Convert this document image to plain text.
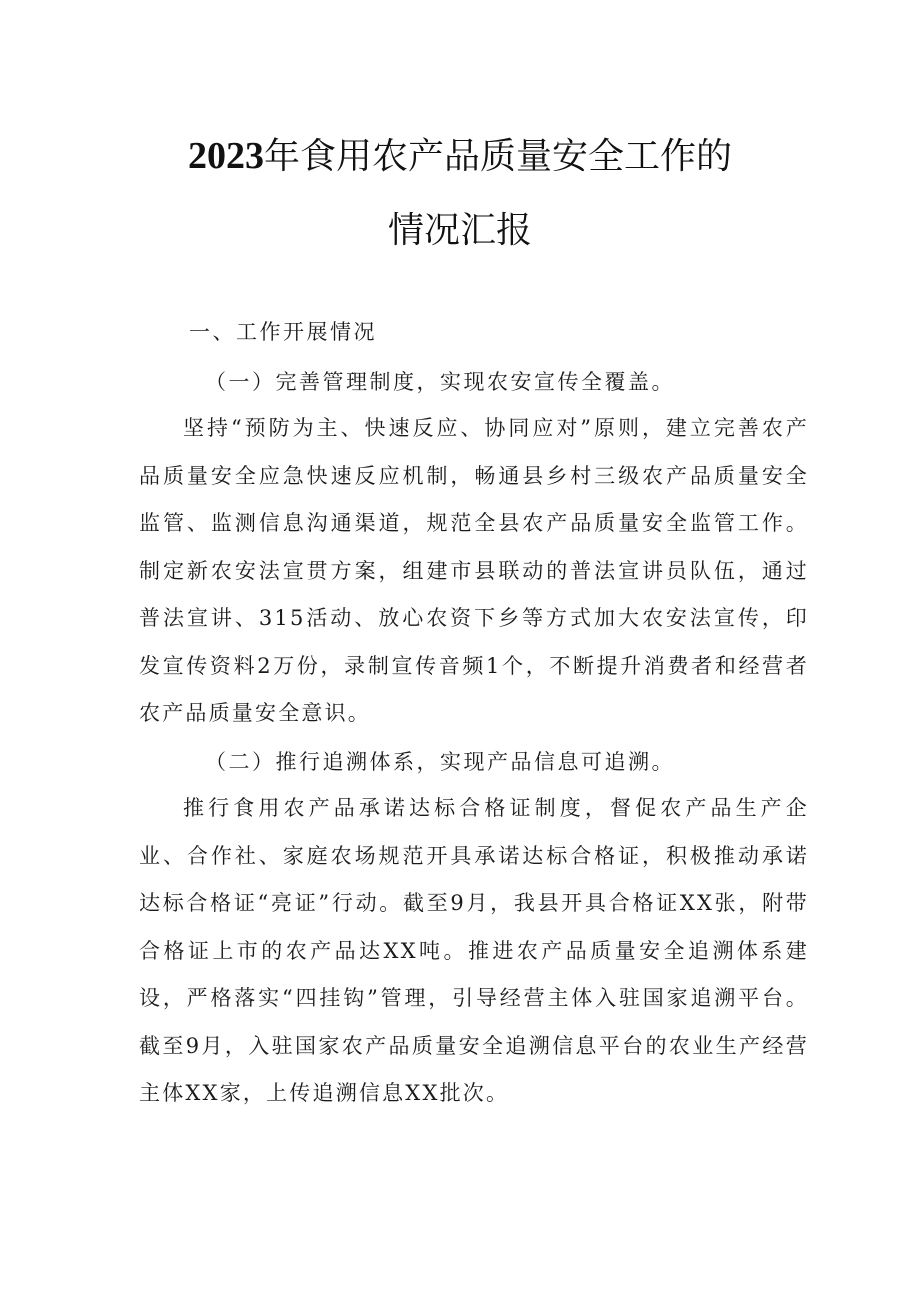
2023年食用农产品质量安全工作的
情况汇报
一、工作开展情况
（一）完善管理制度，实现农安宣传全覆盖。

坚持“预防为主、快速反应、协同应对”原则，建立完善农产品质量安全应急快速反应机制，畅通县乡村三级农产品质量安全监管、监测信息沟通渠道，规范全县农产品质量安全监管工作。制定新农安法宣贯方案，组建市县联动的普法宣讲员队伍，通过普法宣讲、315活动、放心农资下乡等方式加大农安法宣传，印发宣传资料2万份，录制宣传音频1个，不断提升消费者和经营者农产品质量安全意识。

（二）推行追溯体系，实现产品信息可追溯。

推行食用农产品承诺达标合格证制度，督促农产品生产企业、合作社、家庭农场规范开具承诺达标合格证，积极推动承诺达标合格证“亮证”行动。截至9月，我县开具合格证XX张，附带合格证上市的农产品达XX吨。推进农产品质量安全追溯体系建设，严格落实“四挂钩”管理，引导经营主体入驻国家追溯平台。截至9月，入驻国家农产品质量安全追溯信息平台的农业生产经营主体XX家，上传追溯信息XX批次。
